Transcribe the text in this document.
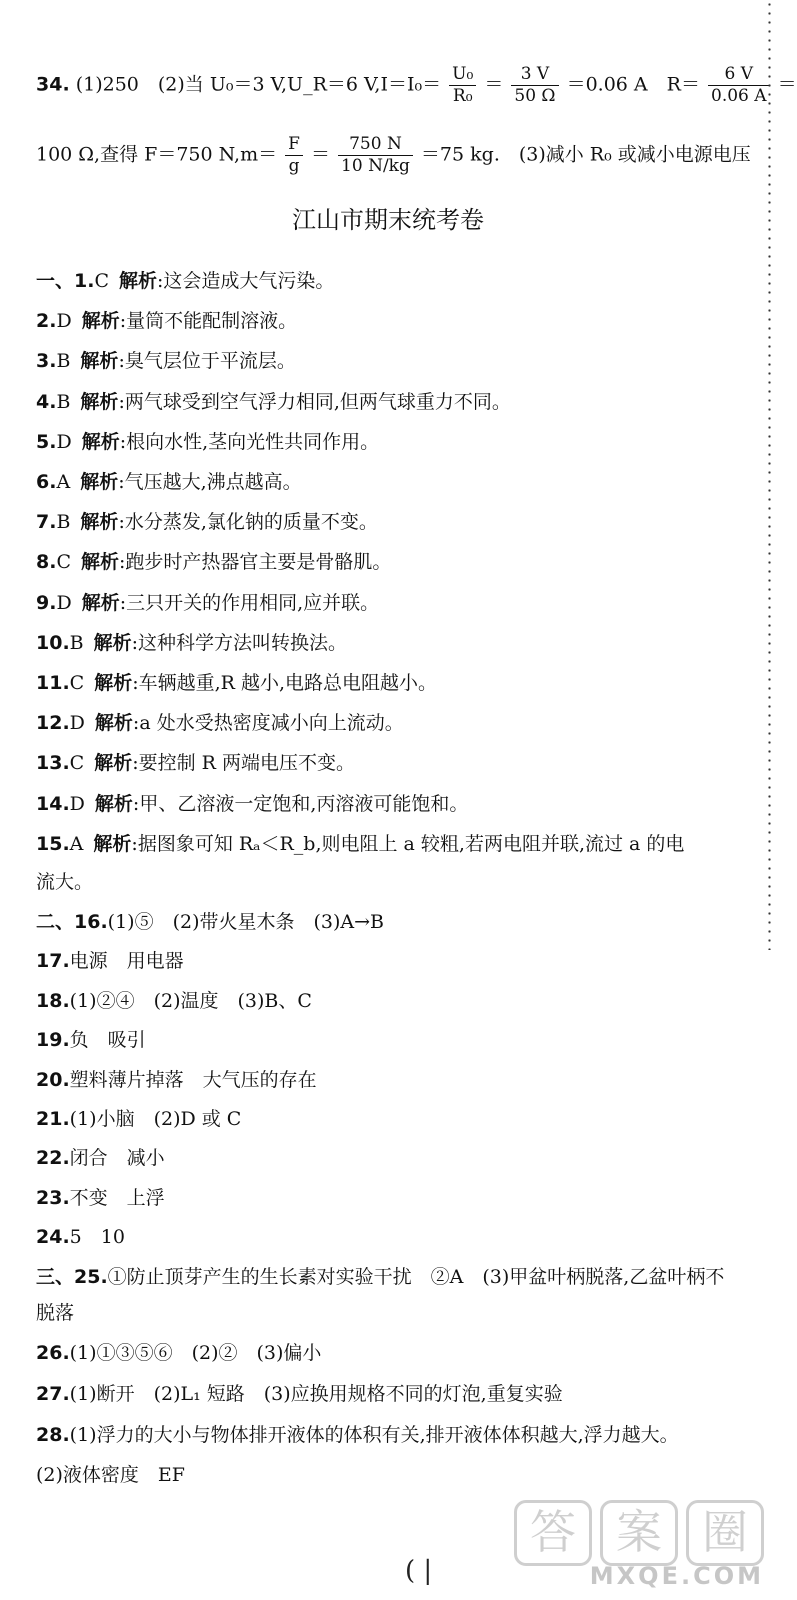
34. (1)250　(2)当 U₀＝3 V,U_R＝6 $V,I=I_0= \frac{\text{U₀}}{\text{R₀}} = \frac{3 V}{50 \Omega} =0.06$ A　$R= \frac{6 V}{0.06 A}$ ＝
100 Ω,查得 F＝750 $N,m= \frac{F}{g} = \frac{750 N}{10 N/kg} =75$ kg.　(3)减小 R₀ 或减小电源电压
江山市期末统考卷
一、1.C 解析:这会造成大气污染。
2.D 解析:量筒不能配制溶液。
3.B 解析:臭气层位于平流层。
4.B 解析:两气球受到空气浮力相同,但两气球重力不同。
5.D 解析:根向水性,茎向光性共同作用。
6.A 解析:气压越大,沸点越高。
7.B 解析:水分蒸发,氯化钠的质量不变。
8.C 解析:跑步时产热器官主要是骨骼肌。
9.D 解析:三只开关的作用相同,应并联。
10.B 解析:这种科学方法叫转换法。
11.C 解析:车辆越重,R 越小,电路总电阻越小。
12.D 解析:a 处水受热密度减小向上流动。
13.C 解析:要控制 R 两端电压不变。
14.D 解析:甲、乙溶液一定饱和,丙溶液可能饱和。
15.A 解析:据图象可知 Rₐ＜R_b,则电阻上 a 较粗,若两电阻并联,流过 a 的电
流大。
二、16.(1)⑤　(2)带火星木条　(3)A→B
17.电源　用电器
18.(1)②④　(2)温度　(3)B、C
19.负　吸引
20.塑料薄片掉落　大气压的存在
21.(1)小脑　(2)D 或 C
22.闭合　减小
23.不变　上浮
24.5　10
三、25.①防止顶芽产生的生长素对实验干扰　②A　(3)甲盆叶柄脱落,乙盆叶柄不
脱落
26.(1)①③⑤⑥　(2)②　(3)偏小
27.(1)断开　(2)L₁ 短路　(3)应换用规格不同的灯泡,重复实验
28.(1)浮力的大小与物体排开液体的体积有关,排开液体体积越大,浮力越大。
(2)液体密度　EF
( |
答 案 圈
MXQE.COM
